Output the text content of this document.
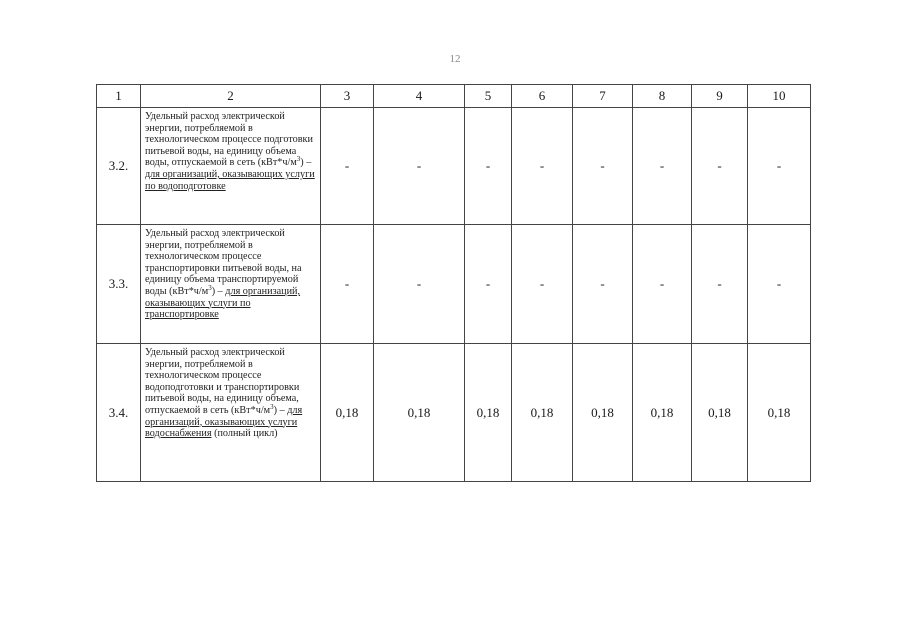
12
1	2	3	4	5	6	7	8	9	10
3.2.	Удельный расход электрической энергии, потребляемой в технологическом процессе подготовки питьевой воды, на единицу объема воды, отпускаемой в сеть $(кВт*ч/м^3)$ – для организаций, оказывающих услуги по водоподготовке	-	-	-	-	-	-	-	-
3.3.	Удельный расход электрической энергии, потребляемой в технологическом процессе транспортировки питьевой воды, на единицу объема транспортируемой воды $(кВт*ч/м^3)$ – для организаций, оказывающих услуги по транспортировке	-	-	-	-	-	-	-	-
3.4.	Удельный расход электрической энергии, потребляемой в технологическом процессе водоподготовки и транспортировки питьевой воды, на единицу объема, отпускаемой в сеть $(кВт*ч/м^3)$ – для организаций, оказывающих услуги водоснабжения (полный цикл)	0,18	0,18	0,18	0,18	0,18	0,18	0,18	0,18
